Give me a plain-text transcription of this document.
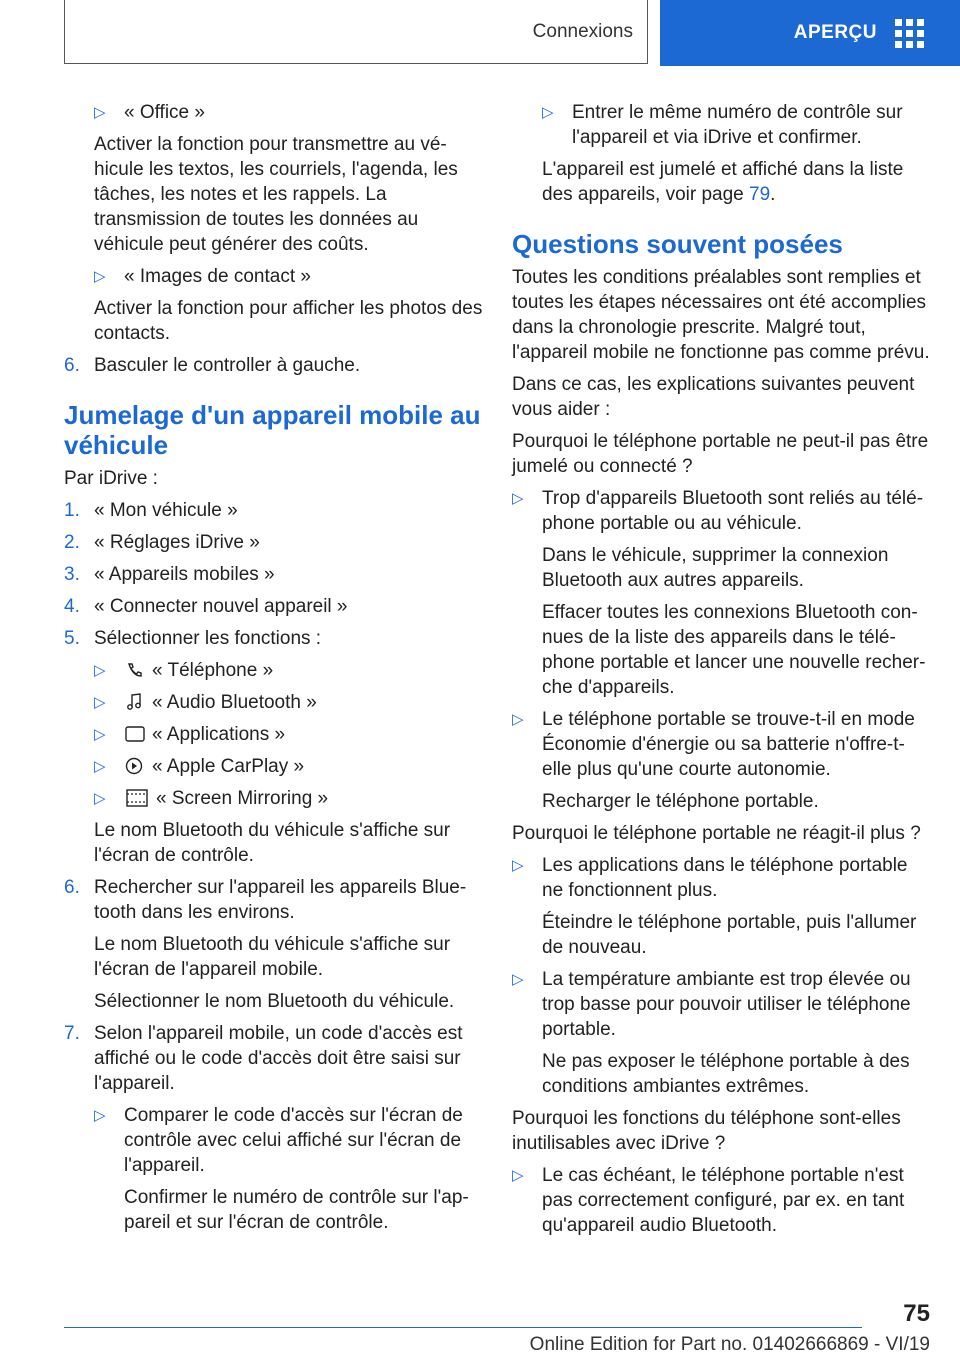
Connexions	APERÇU
▷ « Office »

Activer la fonction pour transmettre au véhicule les textos, les courriels, l'agenda, les tâches, les notes et les rappels. La transmission de toutes les données au véhicule peut générer des coûts.

▷ « Images de contact »

Activer la fonction pour afficher les photos des contacts.

6. Basculer le controller à gauche.
Jumelage d'un appareil mobile au véhicule

Par iDrive :

1. « Mon véhicule »
2. « Réglages iDrive »
3. « Appareils mobiles »
4. « Connecter nouvel appareil »
5. Sélectionner les fonctions :
▷ « Téléphone »
▷ « Audio Bluetooth »
▷ « Applications »
▷ « Apple CarPlay »
▷	« Screen Mirroring »

Le nom Bluetooth du véhicule s'affiche sur l'écran de contrôle.

6. Rechercher sur l'appareil les appareils Bluetooth dans les environs.

Le nom Bluetooth du véhicule s'affiche sur l'écran de l'appareil mobile.

Sélectionner le nom Bluetooth du véhicule.

7. Selon l'appareil mobile, un code d'accès est affiché ou le code d'accès doit être saisi sur l'appareil.
▷ Comparer le code d'accès sur l'écran de contrôle avec celui affiché sur l'écran de l'appareil.

Confirmer le numéro de contrôle sur l'appareil et sur l'écran de contrôle.

▷ Entrer le même numéro de contrôle sur l'appareil et via iDrive et confirmer.

L'appareil est jumelé et affiché dans la liste des appareils, voir page 79.

Questions souvent posées

Toutes les conditions préalables sont remplies et toutes les étapes nécessaires ont été accomplies dans la chronologie prescrite. Malgré tout, l'appareil mobile ne fonctionne pas comme prévu.

Dans ce cas, les explications suivantes peuvent vous aider :

Pourquoi le téléphone portable ne peut-il pas être jumelé ou connecté ?

▷ Trop d'appareils Bluetooth sont reliés au téléphone portable ou au véhicule.

Dans le véhicule, supprimer la connexion Bluetooth aux autres appareils.

Effacer toutes les connexions Bluetooth connues de la liste des appareils dans le téléphone portable et lancer une nouvelle recherche d'appareils.

▷ Le téléphone portable se trouve-t-il en mode Économie d'énergie ou sa batterie n'offre-t-elle plus qu'une courte autonomie.

Recharger le téléphone portable.

Pourquoi le téléphone portable ne réagit-il plus ?

▷ Les applications dans le téléphone portable ne fonctionnent plus.

Éteindre le téléphone portable, puis l'allumer de nouveau.

▷ La température ambiante est trop élevée ou trop basse pour pouvoir utiliser le téléphone portable.

Ne pas exposer le téléphone portable à des conditions ambiantes extrêmes.

Pourquoi les fonctions du téléphone sont-elles inutilisables avec iDrive ?

▷ Le cas échéant, le téléphone portable n'est pas correctement configuré, par ex. en tant qu'appareil audio Bluetooth.
75
Online Edition for Part no. 01402666869 - VI/19
